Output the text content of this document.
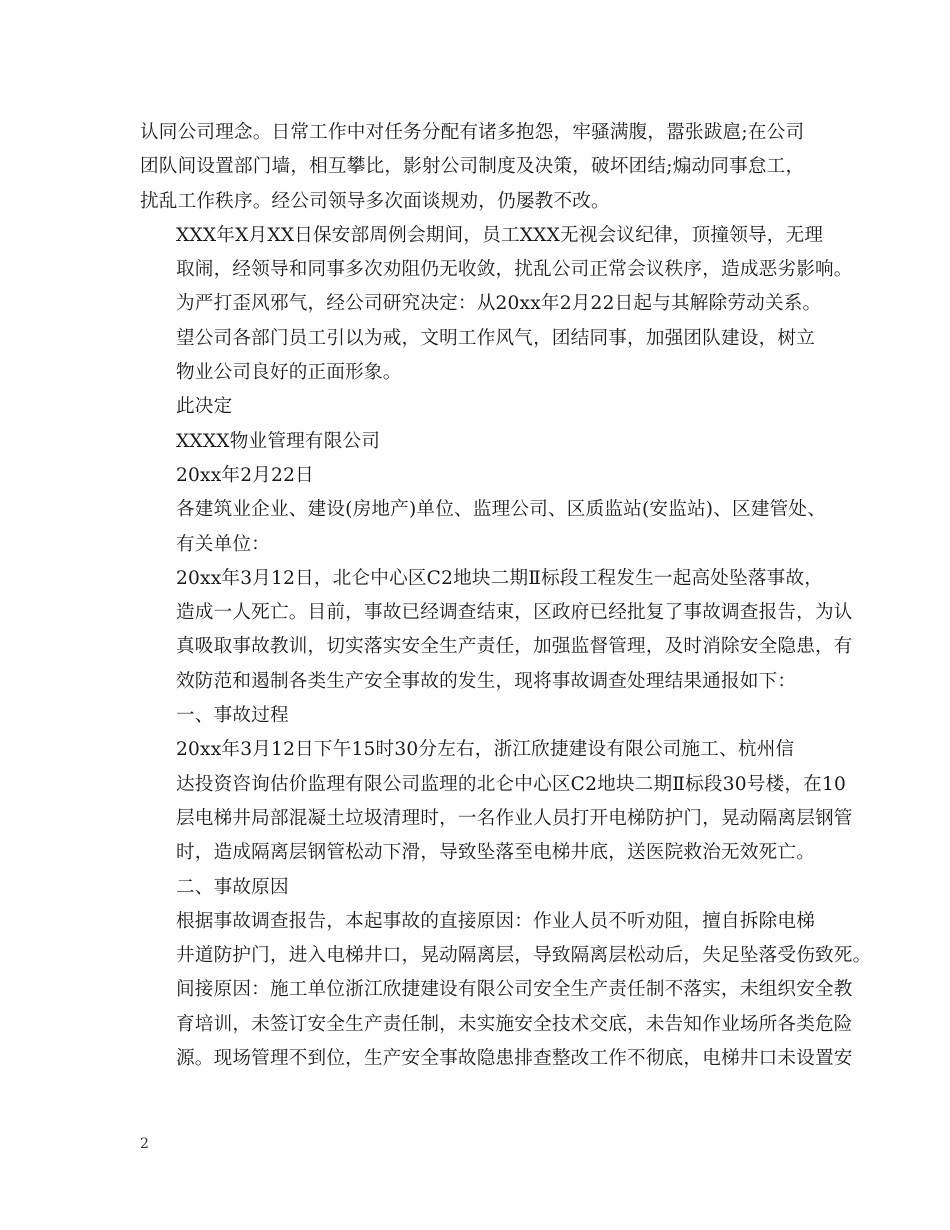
认同公司理念。日常工作中对任务分配有诸多抱怨，牢骚满腹，嚣张跋扈;在公司
团队间设置部门墙，相互攀比，影射公司制度及决策，破坏团结;煽动同事怠工，
扰乱工作秩序。经公司领导多次面谈规劝，仍屡教不改。

XXX年X月XX日保安部周例会期间，员工XXX无视会议纪律，顶撞领导，无理
取闹，经领导和同事多次劝阻仍无收敛，扰乱公司正常会议秩序，造成恶劣影响。

为严打歪风邪气，经公司研究决定：从20xx年2月22日起与其解除劳动关系。

望公司各部门员工引以为戒，文明工作风气，团结同事，加强团队建设，树立
物业公司良好的正面形象。

此决定

XXXX物业管理有限公司

20xx年2月22日

各建筑业企业、建设(房地产)单位、监理公司、区质监站(安监站)、区建管处、
有关单位：

20xx年3月12日，北仑中心区C2地块二期Ⅱ标段工程发生一起高处坠落事故，
造成一人死亡。目前，事故已经调查结束，区政府已经批复了事故调查报告，为认
真吸取事故教训，切实落实安全生产责任，加强监督管理，及时消除安全隐患，有
效防范和遏制各类生产安全事故的发生，现将事故调查处理结果通报如下：

一、事故过程

20xx年3月12日下午15时30分左右，浙江欣捷建设有限公司施工、杭州信
达投资咨询估价监理有限公司监理的北仑中心区C2地块二期Ⅱ标段30号楼，在10
层电梯井局部混凝土垃圾清理时，一名作业人员打开电梯防护门，晃动隔离层钢管
时，造成隔离层钢管松动下滑，导致坠落至电梯井底，送医院救治无效死亡。

二、事故原因

根据事故调查报告，本起事故的直接原因：作业人员不听劝阻，擅自拆除电梯
井道防护门，进入电梯井口，晃动隔离层，导致隔离层松动后，失足坠落受伤致死。
间接原因：施工单位浙江欣捷建设有限公司安全生产责任制不落实，未组织安全教
育培训，未签订安全生产责任制，未实施安全技术交底，未告知作业场所各类危险
源。现场管理不到位，生产安全事故隐患排查整改工作不彻底，电梯井口未设置安

2
